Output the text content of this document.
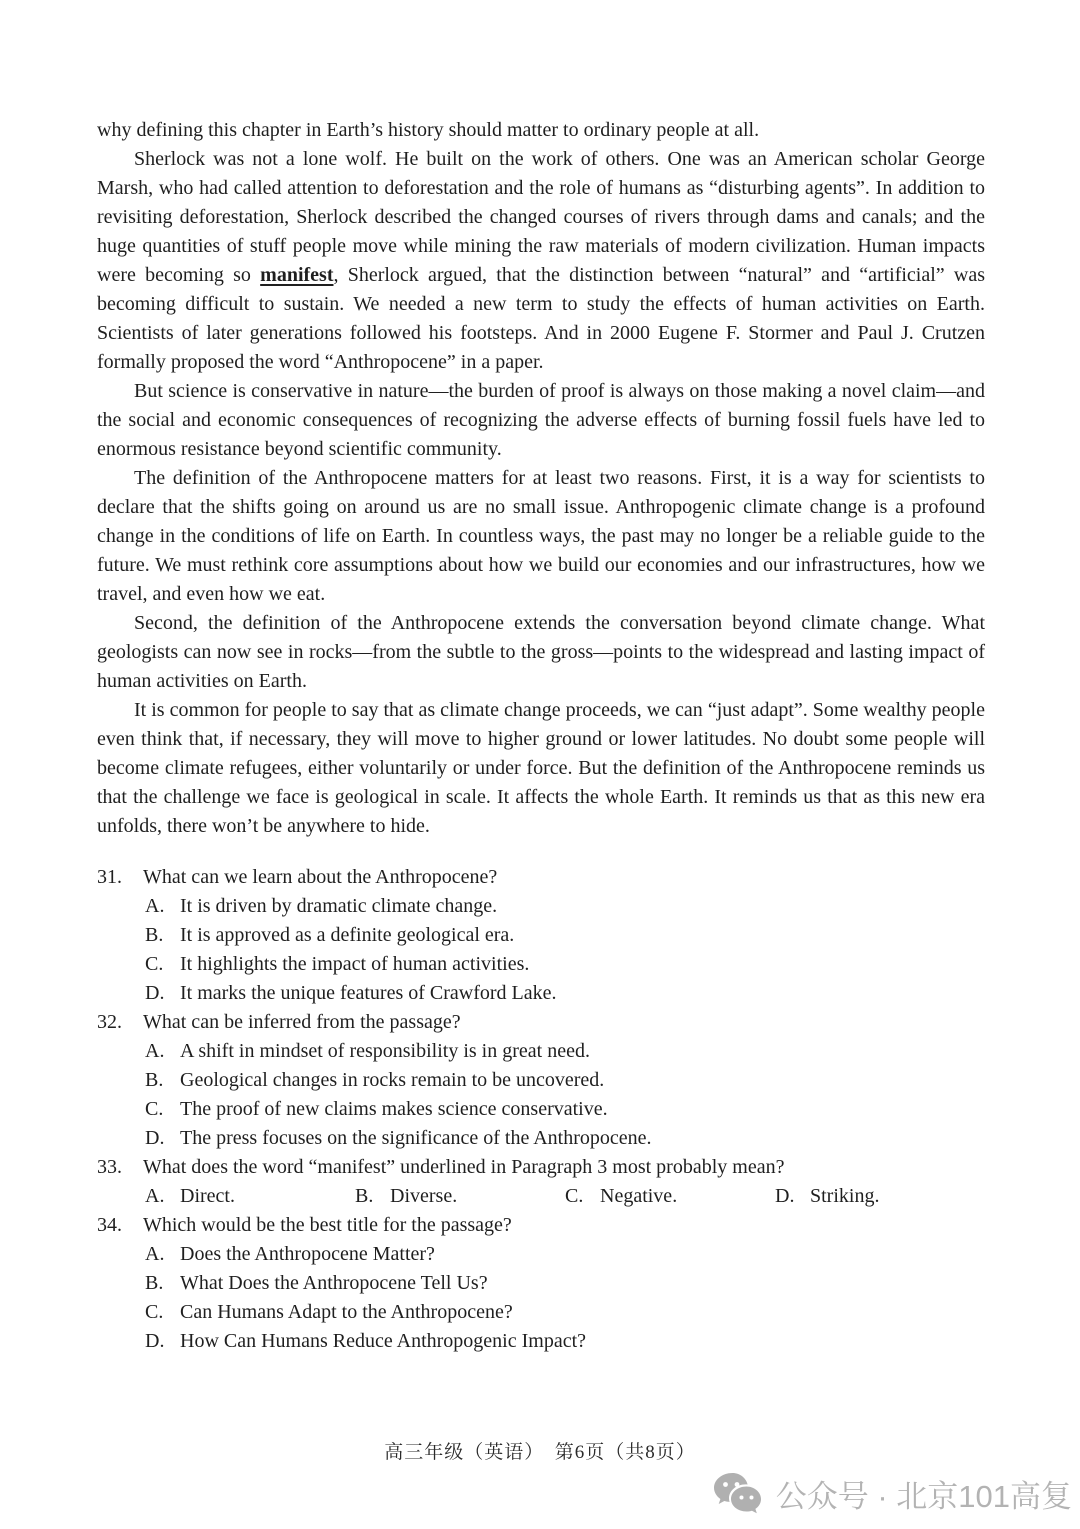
why defining this chapter in Earth’s history should matter to ordinary people at all.

Sherlock was not a lone wolf. He built on the work of others. One was an American scholar George Marsh, who had called attention to deforestation and the role of humans as “disturbing agents”. In addition to revisiting deforestation, Sherlock described the changed courses of rivers through dams and canals; and the huge quantities of stuff people move while mining the raw materials of modern civilization. Human impacts were becoming so manifest, Sherlock argued, that the distinction between “natural” and “artificial” was becoming difficult to sustain. We needed a new term to study the effects of human activities on Earth. Scientists of later generations followed his footsteps. And in 2000 Eugene F. Stormer and Paul J. Crutzen formally proposed the word “Anthropocene” in a paper.

But science is conservative in nature—the burden of proof is always on those making a novel claim—and the social and economic consequences of recognizing the adverse effects of burning fossil fuels have led to enormous resistance beyond scientific community.

The definition of the Anthropocene matters for at least two reasons. First, it is a way for scientists to declare that the shifts going on around us are no small issue. Anthropogenic climate change is a profound change in the conditions of life on Earth. In countless ways, the past may no longer be a reliable guide to the future. We must rethink core assumptions about how we build our economies and our infrastructures, how we travel, and even how we eat.

Second, the definition of the Anthropocene extends the conversation beyond climate change. What geologists can now see in rocks—from the subtle to the gross—points to the widespread and lasting impact of human activities on Earth.

It is common for people to say that as climate change proceeds, we can “just adapt”. Some wealthy people even think that, if necessary, they will move to higher ground or lower latitudes. No doubt some people will become climate refugees, either voluntarily or under force. But the definition of the Anthropocene reminds us that the challenge we face is geological in scale. It affects the whole Earth. It reminds us that as this new era unfolds, there won’t be anywhere to hide.

31.	What can we learn about the Anthropocene?
A. It is driven by dramatic climate change.
B. It is approved as a definite geological era.
C. It highlights the impact of human activities.
D. It marks the unique features of Crawford Lake.
32.	What can be inferred from the passage?
A. A shift in mindset of responsibility is in great need.
B. Geological changes in rocks remain to be uncovered.
C. The proof of new claims makes science conservative.
D. The press focuses on the significance of the Anthropocene.
33.	What does the word “manifest” underlined in Paragraph 3 most probably mean?
A. Direct.	B. Diverse.	C. Negative.	D. Striking.
34.	Which would be the best title for the passage?
A. Does the Anthropocene Matter?
B. What Does the Anthropocene Tell Us?
C. Can Humans Adapt to the Anthropocene?
D. How Can Humans Reduce Anthropogenic Impact?
高三年级（英语）　第6页（共8页）
公众号 · 北京101高复
